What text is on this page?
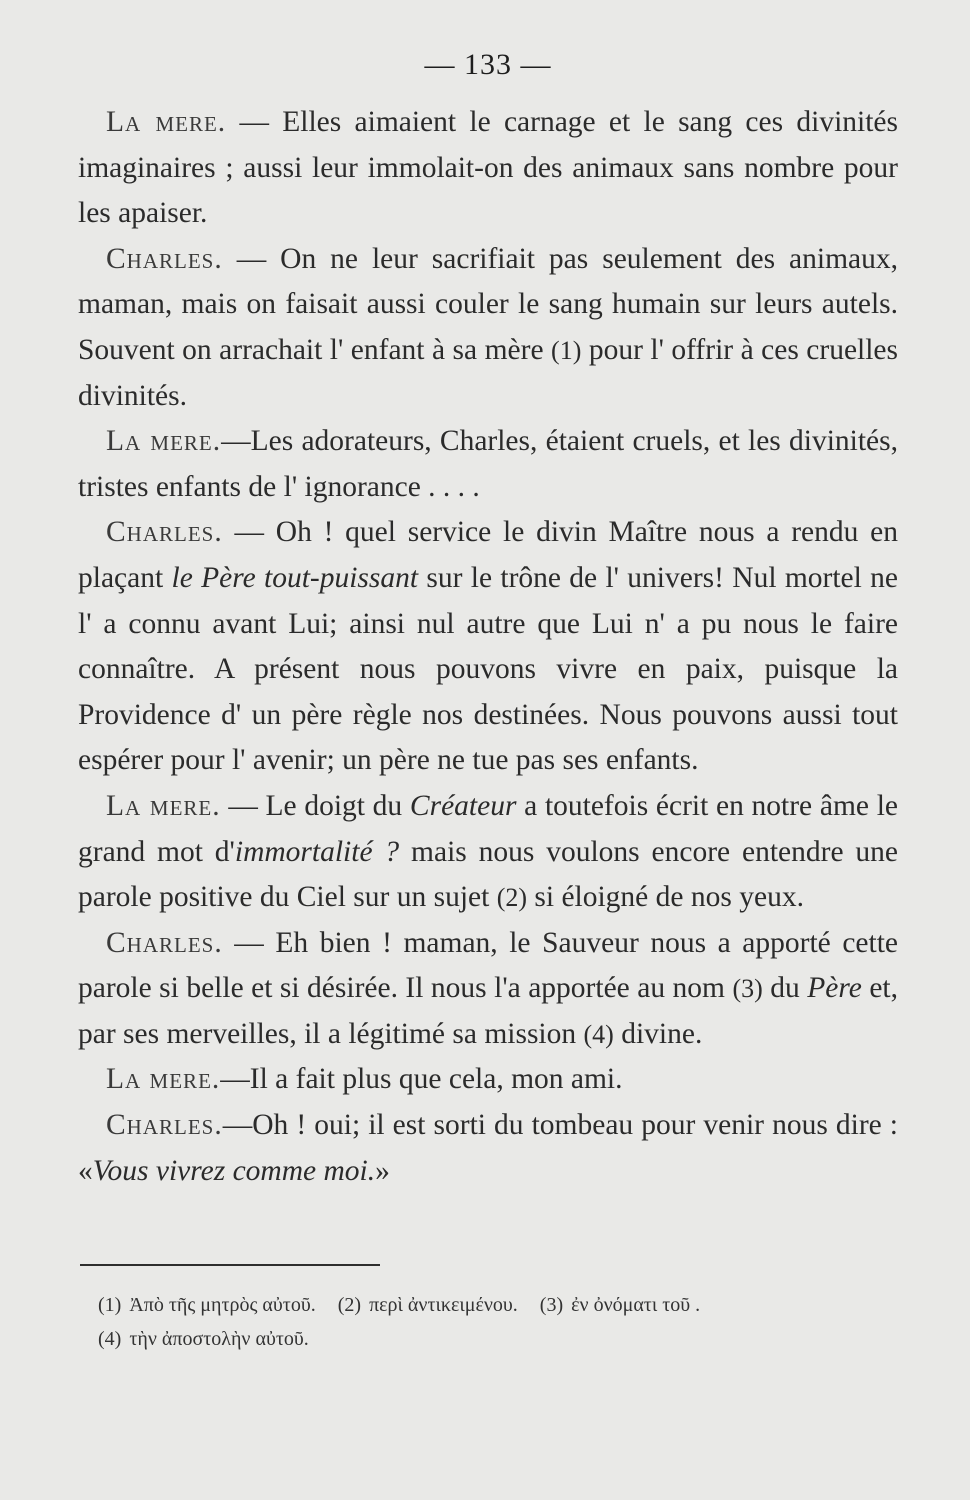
— 133 —

La mere. — Elles aimaient le carnage et le sang ces divinités imaginaires ; aussi leur immolait-on des animaux sans nombre pour les apaiser.

Charles. — On ne leur sacrifiait pas seulement des animaux, maman, mais on faisait aussi couler le sang humain sur leurs autels. Souvent on arrachait l' enfant à sa mère (1) pour l' offrir à ces cruelles divinités.

La mere.—Les adorateurs, Charles, étaient cruels, et les divinités, tristes enfants de l' ignorance . . . .

Charles. — Oh ! quel service le divin Maître nous a rendu en plaçant le Père tout-puissant sur le trône de l' univers! Nul mortel ne l' a connu avant Lui; ainsi nul autre que Lui n' a pu nous le faire connaître. A présent nous pouvons vivre en paix, puisque la Providence d' un père règle nos destinées. Nous pouvons aussi tout espérer pour l' avenir; un père ne tue pas ses enfants.

La mere. — Le doigt du Créateur a toutefois écrit en notre âme le grand mot d'immortalité ? mais nous voulons encore entendre une parole positive du Ciel sur un sujet (2) si éloigné de nos yeux.

Charles. — Eh bien ! maman, le Sauveur nous a apporté cette parole si belle et si désirée. Il nous l'a apportée au nom (3) du Père et, par ses merveilles, il a légitimé sa mission (4) divine.

La mere.—Il a fait plus que cela, mon ami.

Charles.—Oh ! oui; il est sorti du tombeau pour venir nous dire : «Vous vivrez comme moi.»

(1) Ἀπὸ τῆς μητρὸς αὐτοῦ. (2) περὶ ἀντικειμένου. (3) ἐν ὀνόματι τοῦ .
(4) τὴν ἀποστολὴν αὐτοῦ.
